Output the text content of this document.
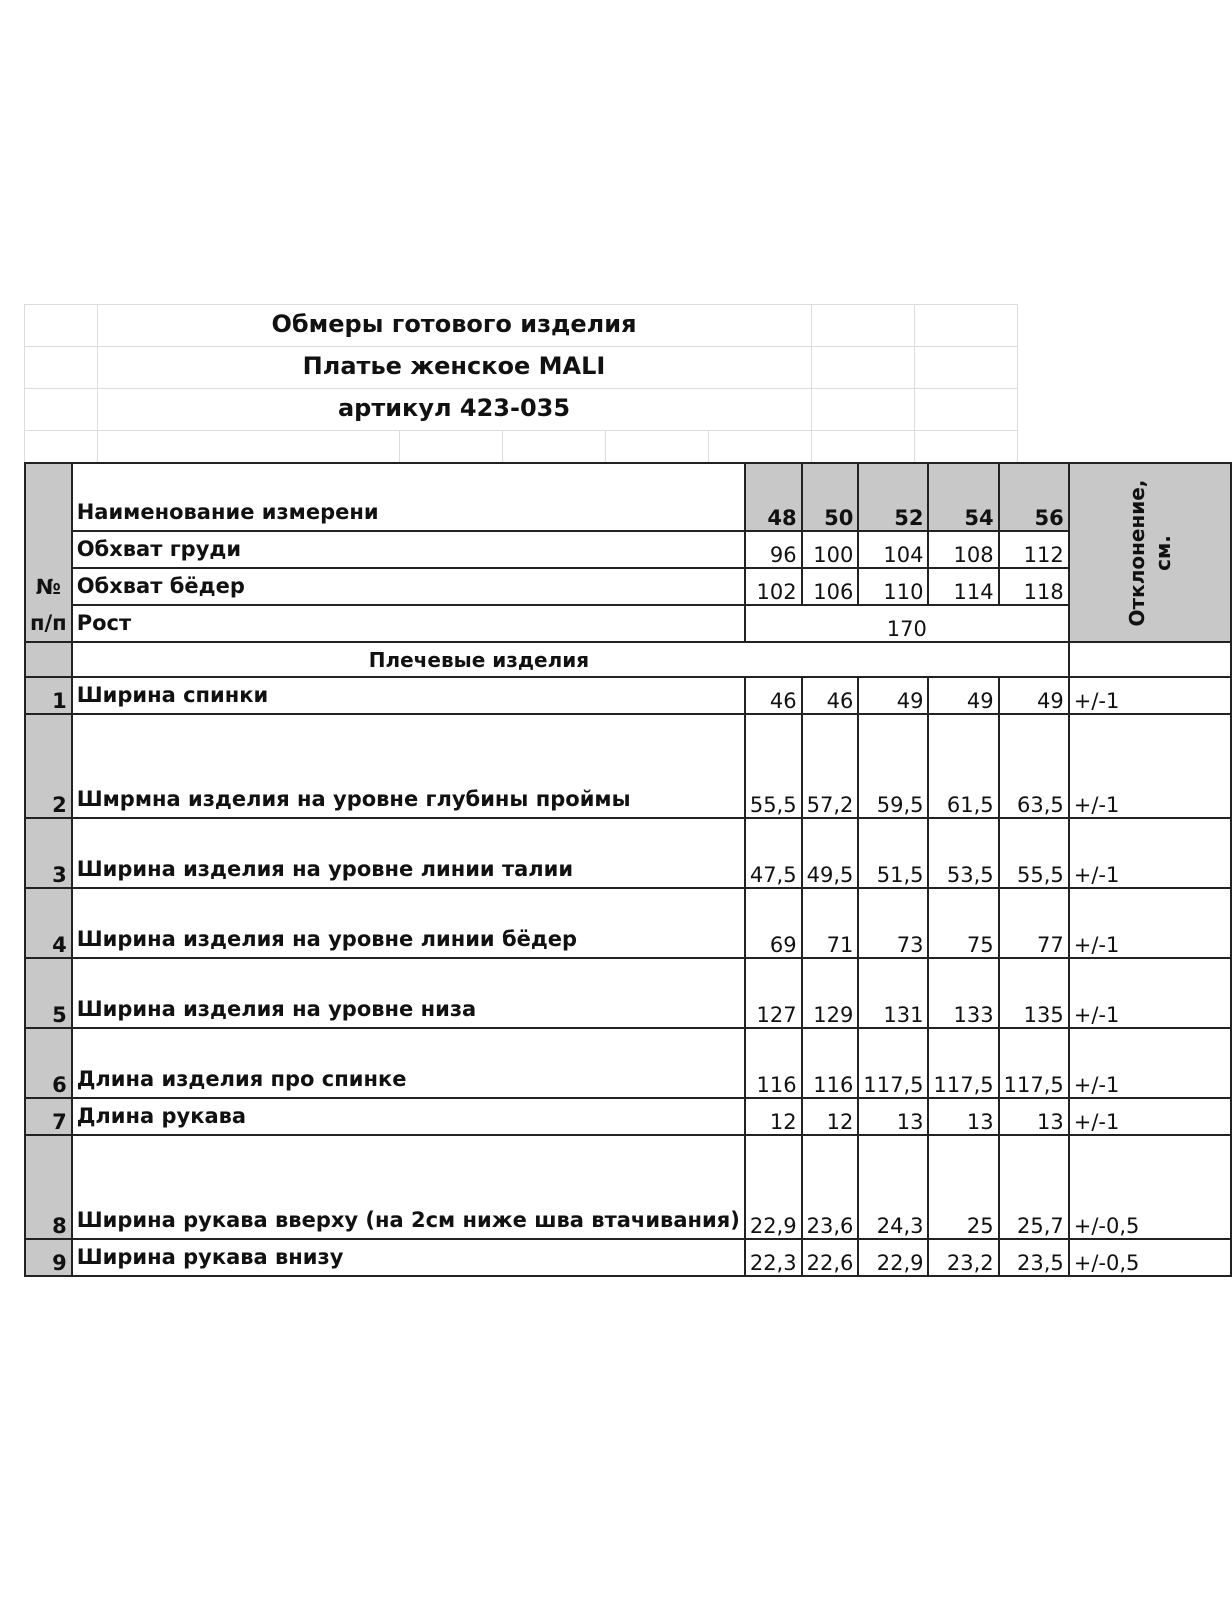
Обмеры готового изделия
Платье женское MALI
артикул 423-035
№
п/п	Наименование измерени	48	50	52	54	56	Отклонение, см.
	Обхват груди	96	100	104	108	112	
	Обхват бёдер	102	106	110	114	118	
	Рост	170					
	Плечевые изделия						
1	Ширина спинки	46	46	49	49	49	+/-1
2	Шмрмна изделия на уровне глубины проймы	55,5	57,2	59,5	61,5	63,5	+/-1
3	Ширина изделия на уровне линии талии	47,5	49,5	51,5	53,5	55,5	+/-1
4	Ширина изделия на уровне линии бёдер	69	71	73	75	77	+/-1
5	Ширина изделия на уровне низа	127	129	131	133	135	+/-1
6	Длина изделия про спинке	116	116	117,5	117,5	117,5	+/-1
7	Длина рукава	12	12	13	13	13	+/-1
8	Ширина рукава вверху (на 2см ниже шва втачивания)	22,9	23,6	24,3	25	25,7	+/-0,5
9	Ширина рукава внизу	22,3	22,6	22,9	23,2	23,5	+/-0,5
